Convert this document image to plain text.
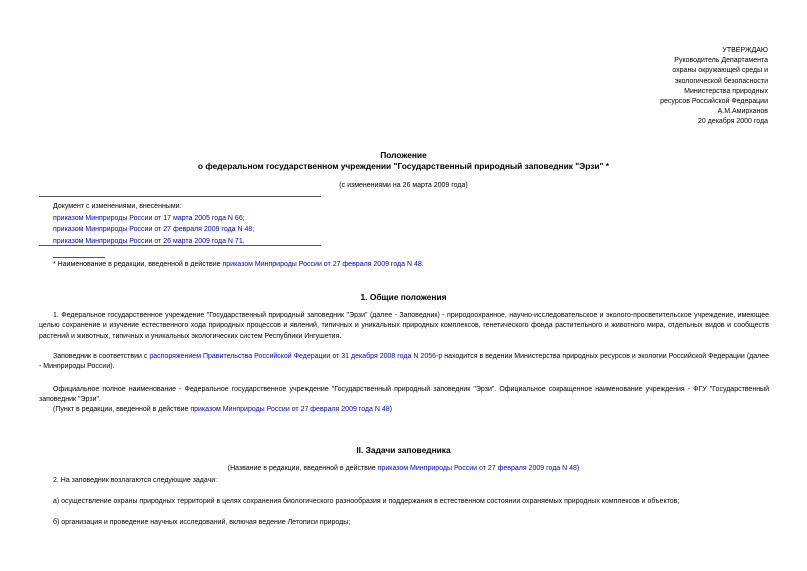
УТВЕРЖДАЮ
Руководитель Департамента
охраны окружающей среды и
экологической безопасности
Министерства природных
ресурсов Российской Федерации
А.М.Амирханов
20 декабря 2000 года
Положение
о федеральном государственном учреждении "Государственный природный заповедник "Эрзи" *
(с изменениями на 26 марта 2009 года)
Документ с изменениями, внесенными:
приказом Минприроды России от 17 марта 2005 года N 66;
приказом Минприроды России от 27 февраля 2009 года N 48;
приказом Минприроды России от 26 марта 2009 года N 71.
* Наименование в редакции, введенной в действие приказом Минприроды России от 27 февраля 2009 года N 48.
1. Общие положения
1. Федеральное государственное учреждение "Государственный природный заповедник "Эрзи" (далее - Заповедник) - природоохранное, научно-исследовательское и эколого-просветительское учреждение, имеющее целью сохранение и изучение естественного хода природных процессов и явлений, типичных и уникальных природных комплексов, генетического фонда растительного и животного мира, отдельных видов и сообществ растений и животных, типичных и уникальных экологических систем Республики Ингушетия.
Заповедник в соответствии с распоряжением Правительства Российской Федерации от 31 декабря 2008 года N 2056-р находится в ведении Министерства природных ресурсов и экологии Российской Федерации (далее - Минприроды России).
Официальное полное наименование - Федеральное государственное учреждение "Государственный природный заповедник "Эрзи". Официальное сокращенное наименование учреждения - ФГУ "Государственный заповедник "Эрзи".
(Пункт в редакции, введенной в действие приказом Минприроды России от 27 февраля 2009 года N 48)
II. Задачи заповедника
(Название в редакции, введенной в действие приказом Минприроды России от 27 февраля 2009 года N 48)
2. На заповедник возлагаются следующие задачи:
а) осуществление охраны природных территорий в целях сохранения биологического разнообразия и поддержания в естественном состоянии охраняемых природных комплексов и объектов;
б) организация и проведение научных исследований, включая ведение Летописи природы;
